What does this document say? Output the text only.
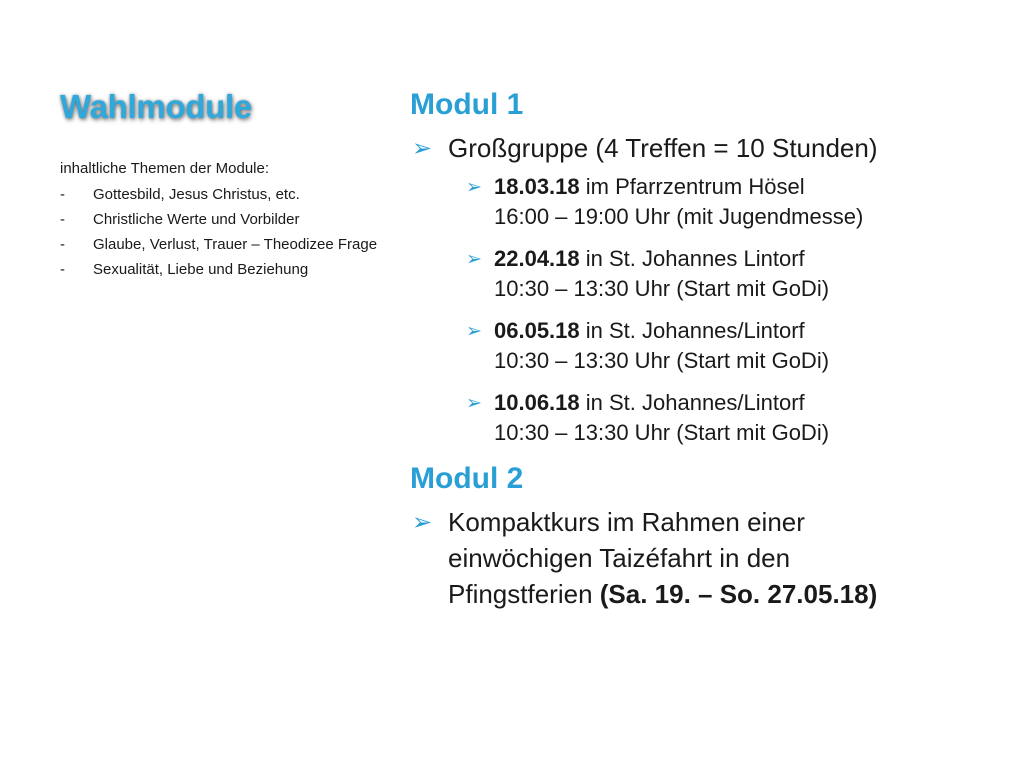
Wahlmodule
inhaltliche Themen der Module:
- Gottesbild, Jesus Christus, etc.
- Christliche Werte und Vorbilder
- Glaube, Verlust, Trauer – Theodizee Frage
- Sexualität, Liebe und Beziehung
Modul 1
➢ Großgruppe (4 Treffen = 10 Stunden)
➢ 18.03.18 im Pfarrzentrum Hösel
16:00 – 19:00 Uhr (mit Jugendmesse)
➢ 22.04.18 in St. Johannes Lintorf
10:30 – 13:30 Uhr (Start mit GoDi)
➢ 06.05.18 in St. Johannes/Lintorf
10:30 – 13:30 Uhr (Start mit GoDi)
➢ 10.06.18 in St. Johannes/Lintorf
10:30 – 13:30 Uhr (Start mit GoDi)
Modul 2
➢ Kompaktkurs im Rahmen einer
einwöchigen Taizéfahrt in den
Pfingstferien (Sa. 19. – So. 27.05.18)
